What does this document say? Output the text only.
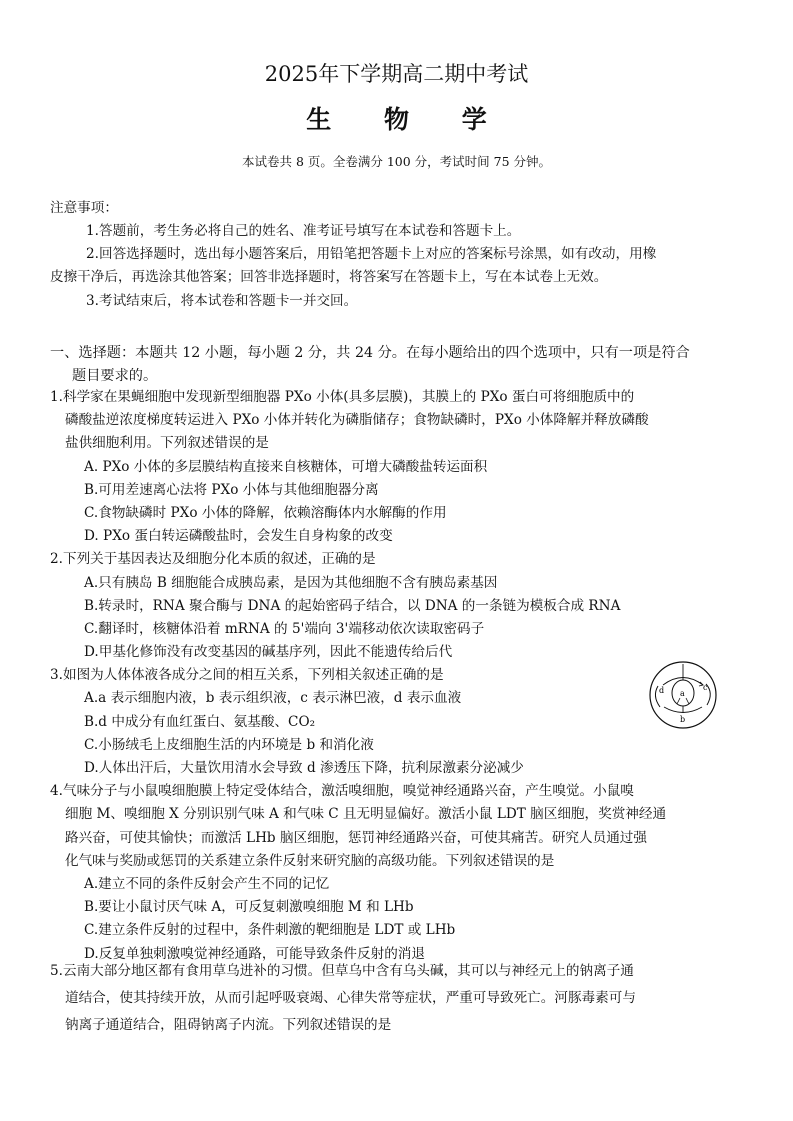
2025年下学期高二期中考试
生 物 学
本试卷共 8 页。全卷满分 100 分，考试时间 75 分钟。
注意事项：
1.答题前，考生务必将自己的姓名、准考证号填写在本试卷和答题卡上。
2.回答选择题时，选出每小题答案后，用铅笔把答题卡上对应的答案标号涂黑，如有改动，用橡
皮擦干净后，再选涂其他答案；回答非选择题时，将答案写在答题卡上，写在本试卷上无效。
3.考试结束后，将本试卷和答题卡一并交回。
一、选择题：本题共 12 小题，每小题 2 分，共 24 分。在每小题给出的四个选项中，只有一项是符合
题目要求的。
1.科学家在果蝇细胞中发现新型细胞器 PXo 小体(具多层膜)，其膜上的 PXo 蛋白可将细胞质中的
磷酸盐逆浓度梯度转运进入 PXo 小体并转化为磷脂储存；食物缺磷时，PXo 小体降解并释放磷酸
盐供细胞利用。下列叙述错误的是
A. PXo 小体的多层膜结构直接来自核糖体，可增大磷酸盐转运面积
B.可用差速离心法将 PXo 小体与其他细胞器分离
C.食物缺磷时 PXo 小体的降解，依赖溶酶体内水解酶的作用
D. PXo 蛋白转运磷酸盐时，会发生自身构象的改变
2.下列关于基因表达及细胞分化本质的叙述，正确的是
A.只有胰岛 B 细胞能合成胰岛素，是因为其他细胞不含有胰岛素基因
B.转录时，RNA 聚合酶与 DNA 的起始密码子结合，以 DNA 的一条链为模板合成 RNA
C.翻译时，核糖体沿着 mRNA 的 5'端向 3'端移动依次读取密码子
D.甲基化修饰没有改变基因的碱基序列，因此不能遗传给后代
3.如图为人体体液各成分之间的相互关系，下列相关叙述正确的是
A.a 表示细胞内液，b 表示组织液，c 表示淋巴液，d 表示血液
B.d 中成分有血红蛋白、氨基酸、CO₂
C.小肠绒毛上皮细胞生活的内环境是 b 和消化液
D.人体出汗后，大量饮用清水会导致 d 渗透压下降，抗利尿激素分泌减少
4.气味分子与小鼠嗅细胞膜上特定受体结合，激活嗅细胞，嗅觉神经通路兴奋，产生嗅觉。小鼠嗅
细胞 M、嗅细胞 X 分别识别气味 A 和气味 C 且无明显偏好。激活小鼠 LDT 脑区细胞，奖赏神经通
路兴奋，可使其愉快；而激活 LHb 脑区细胞，惩罚神经通路兴奋，可使其痛苦。研究人员通过强
化气味与奖励或惩罚的关系建立条件反射来研究脑的高级功能。下列叙述错误的是
A.建立不同的条件反射会产生不同的记忆
B.要让小鼠讨厌气味 A，可反复刺激嗅细胞 M 和 LHb
C.建立条件反射的过程中，条件刺激的靶细胞是 LDT 或 LHb
D.反复单独刺激嗅觉神经通路，可能导致条件反射的消退
5.云南大部分地区都有食用草乌进补的习惯。但草乌中含有乌头碱，其可以与神经元上的钠离子通
道结合，使其持续开放，从而引起呼吸衰竭、心律失常等症状，严重可导致死亡。河豚毒素可与
钠离子通道结合，阻碍钠离子内流。下列叙述错误的是
a
b
c
d
